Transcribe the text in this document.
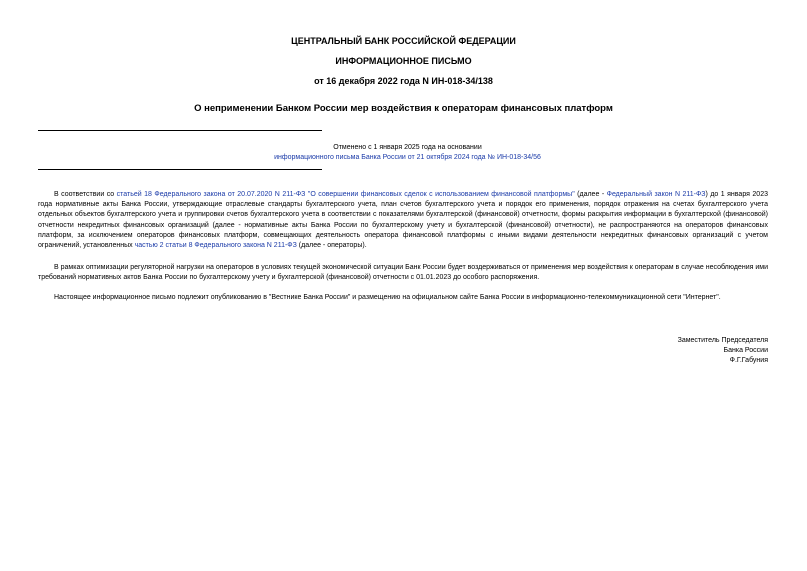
ЦЕНТРАЛЬНЫЙ БАНК РОССИЙСКОЙ ФЕДЕРАЦИИ
ИНФОРМАЦИОННОЕ ПИСЬМО
от 16 декабря 2022 года N ИН-018-34/138
О неприменении Банком России мер воздействия к операторам финансовых платформ
Отменено с 1 января 2025 года на основании
информационного письма Банка России от 21 октября 2024 года № ИН-018-34/56
В соответствии со статьей 18 Федерального закона от 20.07.2020 N 211-ФЗ "О совершении финансовых сделок с использованием финансовой платформы" (далее - Федеральный закон N 211-ФЗ) до 1 января 2023 года нормативные акты Банка России, утверждающие отраслевые стандарты бухгалтерского учета, план счетов бухгалтерского учета и порядок его применения, порядок отражения на счетах бухгалтерского учета отдельных объектов бухгалтерского учета и группировки счетов бухгалтерского учета в соответствии с показателями бухгалтерской (финансовой) отчетности, формы раскрытия информации в бухгалтерской (финансовой) отчетности некредитных финансовых организаций (далее - нормативные акты Банка России по бухгалтерскому учету и бухгалтерской (финансовой) отчетности), не распространяются на операторов финансовых платформ, за исключением операторов финансовых платформ, совмещающих деятельность оператора финансовой платформы с иными видами деятельности некредитных финансовых организаций с учетом ограничений, установленных частью 2 статьи 8 Федерального закона N 211-ФЗ (далее - операторы).
В рамках оптимизации регуляторной нагрузки на операторов в условиях текущей экономической ситуации Банк России будет воздерживаться от применения мер воздействия к операторам в случае несоблюдения ими требований нормативных актов Банка России по бухгалтерскому учету и бухгалтерской (финансовой) отчетности с 01.01.2023 до особого распоряжения.
Настоящее информационное письмо подлежит опубликованию в "Вестнике Банка России" и размещению на официальном сайте Банка России в информационно-телекоммуникационной сети "Интернет".
Заместитель Председателя
Банка России
Ф.Г.Габуния
